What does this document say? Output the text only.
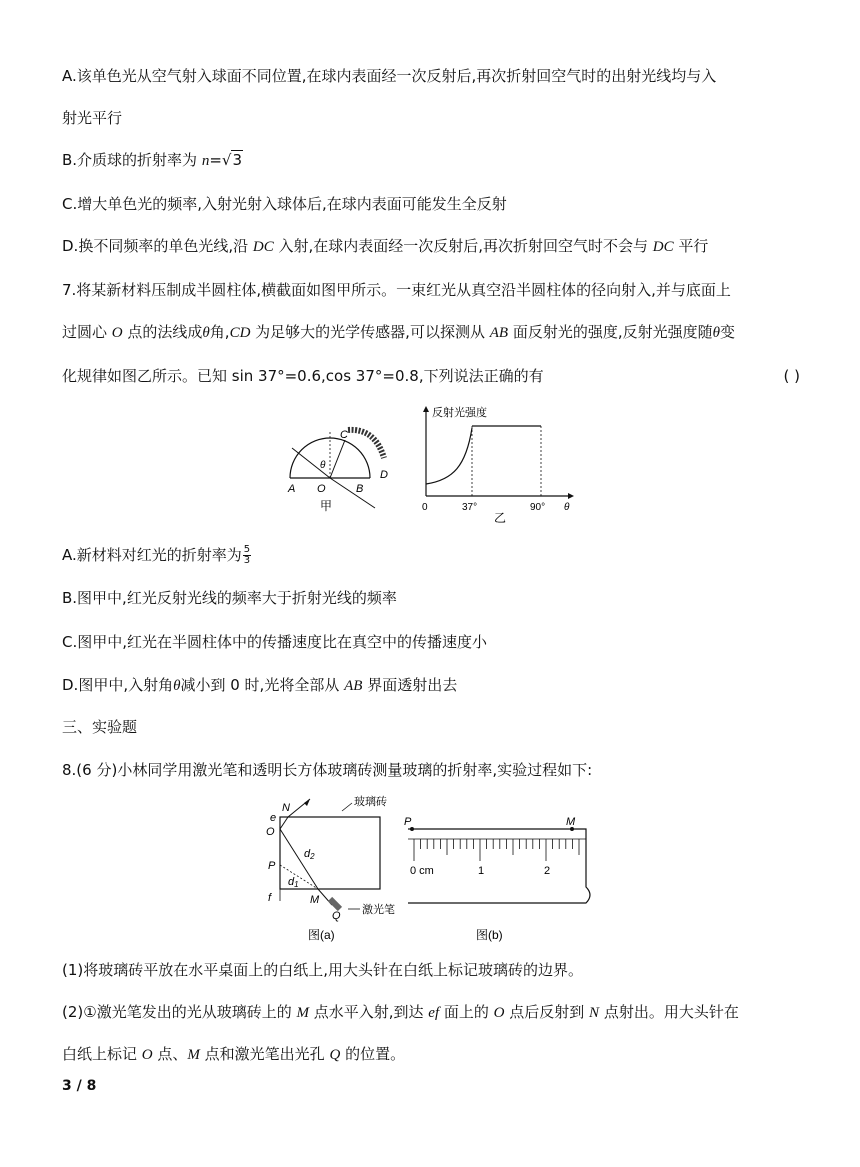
A.该单色光从空气射入球面不同位置,在球内表面经一次反射后,再次折射回空气时的出射光线均与入
射光平行
B.介质球的折射率为 n=√3
C.增大单色光的频率,入射光射入球体后,在球内表面可能发生全反射
D.换不同频率的单色光线,沿 DC 入射,在球内表面经一次反射后,再次折射回空气时不会与 DC 平行
7.将某新材料压制成半圆柱体,横截面如图甲所示。一束红光从真空沿半圆柱体的径向射入,并与底面上
过圆心 O 点的法线成θ角,CD 为足够大的光学传感器,可以探测从 AB 面反射光的强度,反射光强度随θ变
化规律如图乙所示。已知 sin 37°=0.6,cos 37°=0.8,下列说法正确的有	( )
C
D
A O	B
θ
甲
反射光强度
0	37°	90° θ
乙
A.新材料对红光的折射率为 $\frac{5}{3}$
B.图甲中,红光反射光线的频率大于折射光线的频率
C.图甲中,红光在半圆柱体中的传播速度比在真空中的传播速度小
D.图甲中,入射角θ减小到 0 时,光将全部从 AB 界面透射出去
三、实验题
8.(6 分)小林同学用激光笔和透明长方体玻璃砖测量玻璃的折射率,实验过程如下:
N
e
O
P
f	M
Q
d1
d2
玻璃砖
激光笔
图(a)
P	M
0 cm	1	2
图(b)
(1)将玻璃砖平放在水平桌面上的白纸上,用大头针在白纸上标记玻璃砖的边界。
(2)①激光笔发出的光从玻璃砖上的 M 点水平入射,到达 ef 面上的 O 点后反射到 N 点射出。用大头针在
白纸上标记 O 点、M 点和激光笔出光孔 Q 的位置。
3 / 8
